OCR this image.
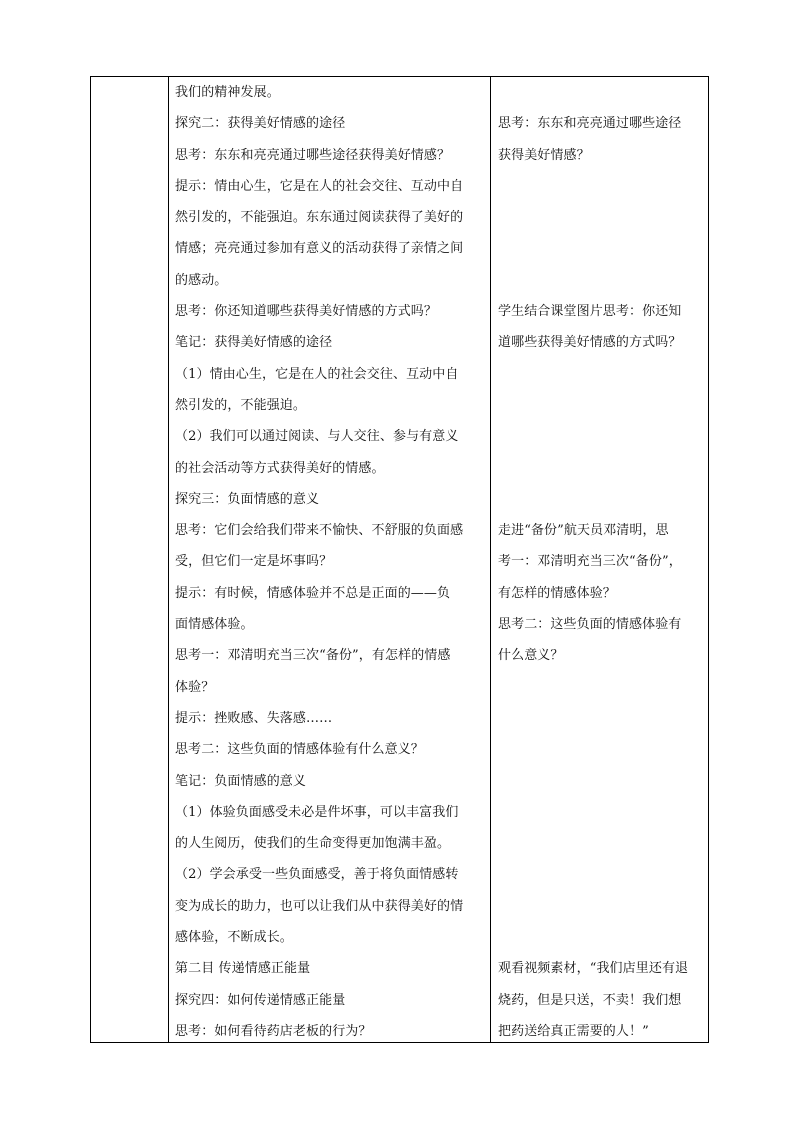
我们的精神发展。
探究二：获得美好情感的途径
思考：东东和亮亮通过哪些途径获得美好情感？
提示：情由心生，它是在人的社会交往、互动中自
然引发的，不能强迫。东东通过阅读获得了美好的
情感；亮亮通过参加有意义的活动获得了亲情之间
的感动。
思考：你还知道哪些获得美好情感的方式吗？
笔记：获得美好情感的途径
（1）情由心生，它是在人的社会交往、互动中自
然引发的，不能强迫。
（2）我们可以通过阅读、与人交往、参与有意义
的社会活动等方式获得美好的情感。
探究三：负面情感的意义
思考：它们会给我们带来不愉快、不舒服的负面感
受，但它们一定是坏事吗？
提示：有时候，情感体验并不总是正面的——负
面情感体验。
思考一：邓清明充当三次“备份”，有怎样的情感
体验？
提示：挫败感、失落感……
思考二：这些负面的情感体验有什么意义？
笔记：负面情感的意义
（1）体验负面感受未必是件坏事，可以丰富我们
的人生阅历，使我们的生命变得更加饱满丰盈。
（2）学会承受一些负面感受，善于将负面情感转
变为成长的助力，也可以让我们从中获得美好的情
感体验，不断成长。
第二目 传递情感正能量
探究四：如何传递情感正能量
思考：如何看待药店老板的行为？
思考：东东和亮亮通过哪些途径
获得美好情感？
学生结合课堂图片思考：你还知
道哪些获得美好情感的方式吗？
走进“备份”航天员邓清明，思
考一：邓清明充当三次“备份”，
有怎样的情感体验？
思考二：这些负面的情感体验有
什么意义？
观看视频素材，“我们店里还有退
烧药，但是只送，不卖！我们想
把药送给真正需要的人！”
